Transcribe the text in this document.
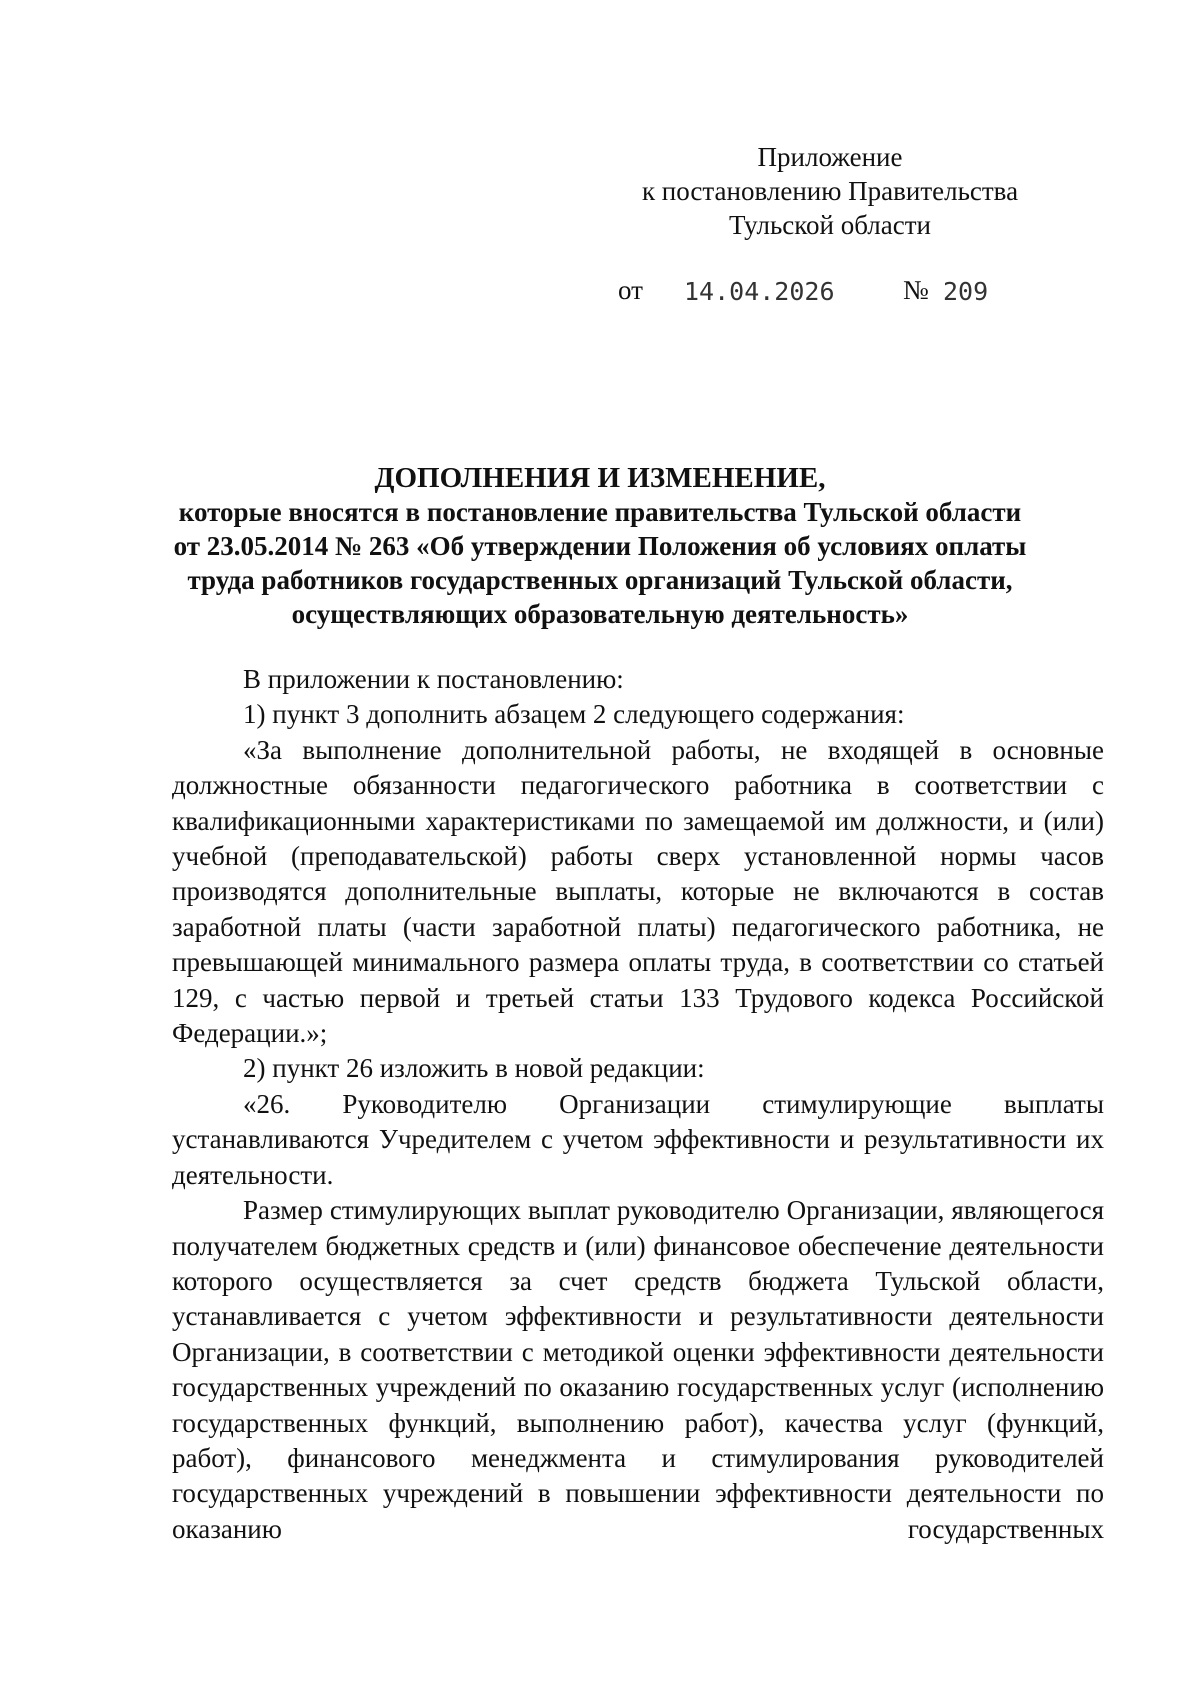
Приложение
к постановлению Правительства
Тульской области
от 14.04.2026	№ 209
ДОПОЛНЕНИЯ И ИЗМЕНЕНИЕ,
которые вносятся в постановление правительства Тульской области
от 23.05.2014 № 263 «Об утверждении Положения об условиях оплаты
труда работников государственных организаций Тульской области,
осуществляющих образовательную деятельность»

В приложении к постановлению:

1) пункт 3 дополнить абзацем 2 следующего содержания:

«За выполнение дополнительной работы, не входящей в основные должностные обязанности педагогического работника в соответствии с квалификационными характеристиками по замещаемой им должности, и (или) учебной (преподавательской) работы сверх установленной нормы часов производятся дополнительные выплаты, которые не включаются в состав заработной платы (части заработной платы) педагогического работника, не превышающей минимального размера оплаты труда, в соответствии со статьей 129, с частью первой и третьей статьи 133 Трудового кодекса Российской Федерации.»;

2) пункт 26 изложить в новой редакции:

«26. Руководителю Организации стимулирующие выплаты устанавливаются Учредителем с учетом эффективности и результативности их деятельности.

Размер стимулирующих выплат руководителю Организации, являющегося получателем бюджетных средств и (или) финансовое обеспечение деятельности которого осуществляется за счет средств бюджета Тульской области, устанавливается с учетом эффективности и результативности деятельности Организации, в соответствии с методикой оценки эффективности деятельности государственных учреждений по оказанию государственных услуг (исполнению государственных функций, выполнению работ), качества услуг (функций, работ), финансового менеджмента и стимулирования руководителей государственных учреждений в повышении эффективности деятельности по оказанию государственных
